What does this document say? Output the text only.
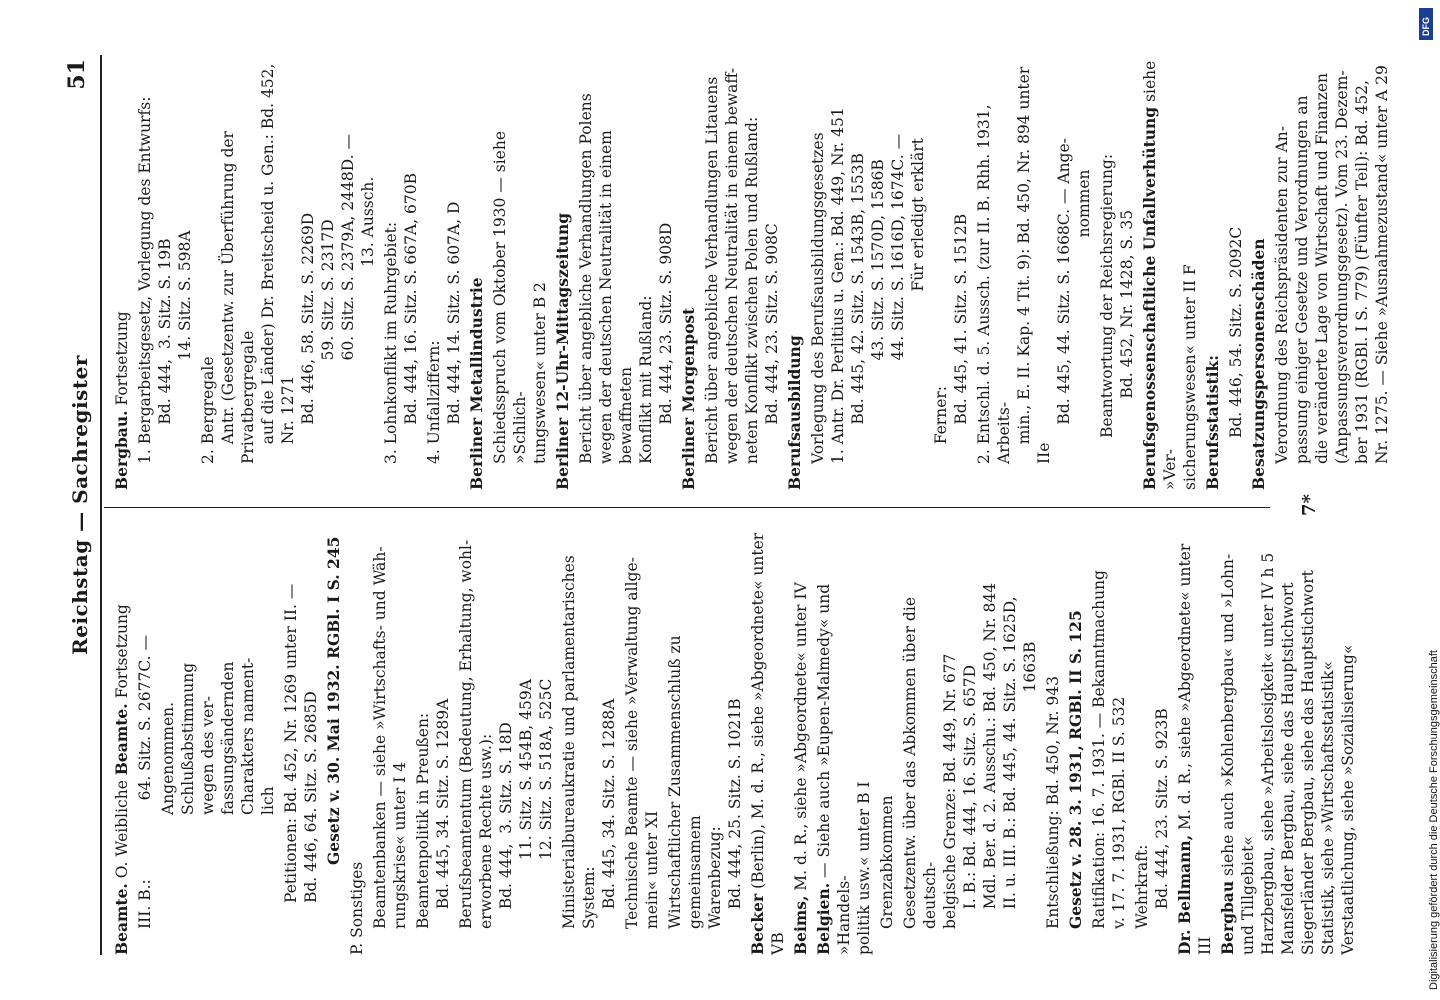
Reichstag — Sachregister
51
Beamte. O. Weibliche Beamte. Fortsetzung III. B.:                64. Sitz. S. 2677C. — Angenommen.
Schlußabstimmung
wegen des ver-
fassungsändernden
Charakters nament-
lich
Petitionen: Bd. 452, Nr. 1269 unter II. —
Bd. 446, 64. Sitz. S. 2685D Gesetz v. 30. Mai 1932. RGBl. I S. 245
P. Sonstiges Beamtenbanken — siehe »Wirtschafts- und Wäh-
rungskrise« unter I 4
Beamtenpolitik in Preußen:
Bd. 445, 34. Sitz. S. 1289A
Berufsbeamtentum (Bedeutung, Erhaltung, wohl-
erworbene Rechte usw.):
Bd. 444,  3. Sitz. S. 18D
11. Sitz. S. 454B, 459A
12. Sitz. S. 518A, 525C
Ministerialbureaukratie und parlamentarisches
System:
Bd. 445, 34. Sitz. S. 1288A
Technische Beamte — siehe »Verwaltung allge-
mein« unter XI Wirtschaftlicher Zusammenschluß zu gemeinsamem
Warenbezug:
Bd. 444, 25. Sitz. S. 1021B
Becker (Berlin), M. d. R., siehe »Abgeordnete« unter VB Beims, M. d. R., siehe »Abgeordnete« unter IV
Belgien. — Siehe auch »Eupen-Malmedy« und »Handels-
politik usw.« unter B I
Grenzabkommen Gesetzentw. über das Abkommen über die deutsch-
belgische Grenze: Bd. 449, Nr. 677
I. B.: Bd. 444, 16. Sitz. S. 657D
Mdl. Ber. d. 2. Ausschu.: Bd. 450, Nr. 844
II. u. III. B.: Bd. 445, 44. Sitz. S. 1625D,
1663B
Entschließung: Bd. 450, Nr. 943 Gesetz v. 28. 3. 1931, RGBl. II S. 125 Ratifikation: 16. 7. 1931. — Bekanntmachung
v. 17. 7. 1931, RGBl. II S. 532
Wehrkraft:
Bd. 444, 23. Sitz. S. 923B
Dr. Bellmann, M. d. R., siehe »Abgeordnete« unter III Bergbau siehe auch »Kohlenbergbau« und »Lohn- und Tillgebiet«
Harzbergbau, siehe »Arbeitslosigkeit« unter IV h 5
Mansfelder Bergbau, siehe das Hauptstichwort
Siegerländer Bergbau, siehe das Hauptstichwort
Statistik, siehe »Wirtschaftsstatistik«
Verstaatlichung, siehe »Sozialisierung«
Bergbau. Fortsetzung
1. Bergarbeitsgesetz, Vorlegung des Entwurfs:
Bd. 444,  3. Sitz. S. 19B
14. Sitz. S. 598A
2. Bergregale
Antr. (Gesetzentw. zur Überführung der Privatbergregale
auf die Länder) Dr. Breitscheid u. Gen.: Bd. 452,
Nr. 1271
Bd. 446, 58. Sitz. S. 2269D
59. Sitz. S. 2317D
60. Sitz. S. 2379A, 2448D. —
13. Aussch.
3. Lohnkonflikt im Ruhrgebiet:
Bd. 444, 16. Sitz. S. 667A, 670B
4. Unfallziffern:
Bd. 444, 14. Sitz. S. 607A, D
Berliner Metallindustrie Schiedsspruch vom Oktober 1930 — siehe »Schlich-
tungswesen« unter B 2 Berliner 12-Uhr-Mittagszeitung Bericht über angebliche Verhandlungen Polens
wegen der deutschen Neutralität in einem bewaffneten
Konflikt mit Rußland:
Bd. 444, 23. Sitz. S. 908D
Berliner Morgenpost Bericht über angebliche Verhandlungen Litauens
wegen der deutschen Neutralität in einem bewaff-
neten Konflikt zwischen Polen und Rußland:
Bd. 444, 23. Sitz. S. 908C
Berufsausbildung Vorlegung des Berufsausbildungsgesetzes
1. Antr. Dr. Perlitius u. Gen.: Bd. 449, Nr. 451
Bd. 445, 42. Sitz. S. 1543B, 1553B
43. Sitz. S. 1570D, 1586B
44. Sitz. S. 1616D, 1674C. —
Für erledigt erklärt
Ferner:
Bd. 445, 41. Sitz. S. 1512B
2. Entschl. d. 5. Aussch. (zur II. B. Rhh. 1931, Arbeits-
min., E. II. Kap. 4 Tit. 9): Bd. 450, Nr. 894 unter IIe
Bd. 445, 44. Sitz. S. 1668C. — Ange-
nommen
Beantwortung der Reichsregierung:
Bd. 452, Nr. 1428, S. 35 Berufsgenossenschaftliche Unfallverhütung siehe »Ver-
sicherungswesen« unter II F
Berufsstatistik: Bd. 446, 54. Sitz. S. 2092C Besatzungspersonenschäden Verordnung des Reichspräsidenten zur An-
passung einiger Gesetze und Verordnungen an
die veränderte Lage von Wirtschaft und Finanzen
(Anpassungsverordnungsgesetz). Vom 23. Dezem-
ber 1931 (RGBl. I S. 779) (Fünfter Teil): Bd. 452,
Nr. 1275. — Siehe »Ausnahmezustand« unter A 29
7*
DFG
Digitalisierung gefördert durch die Deutsche Forschungsgemeinschaft
